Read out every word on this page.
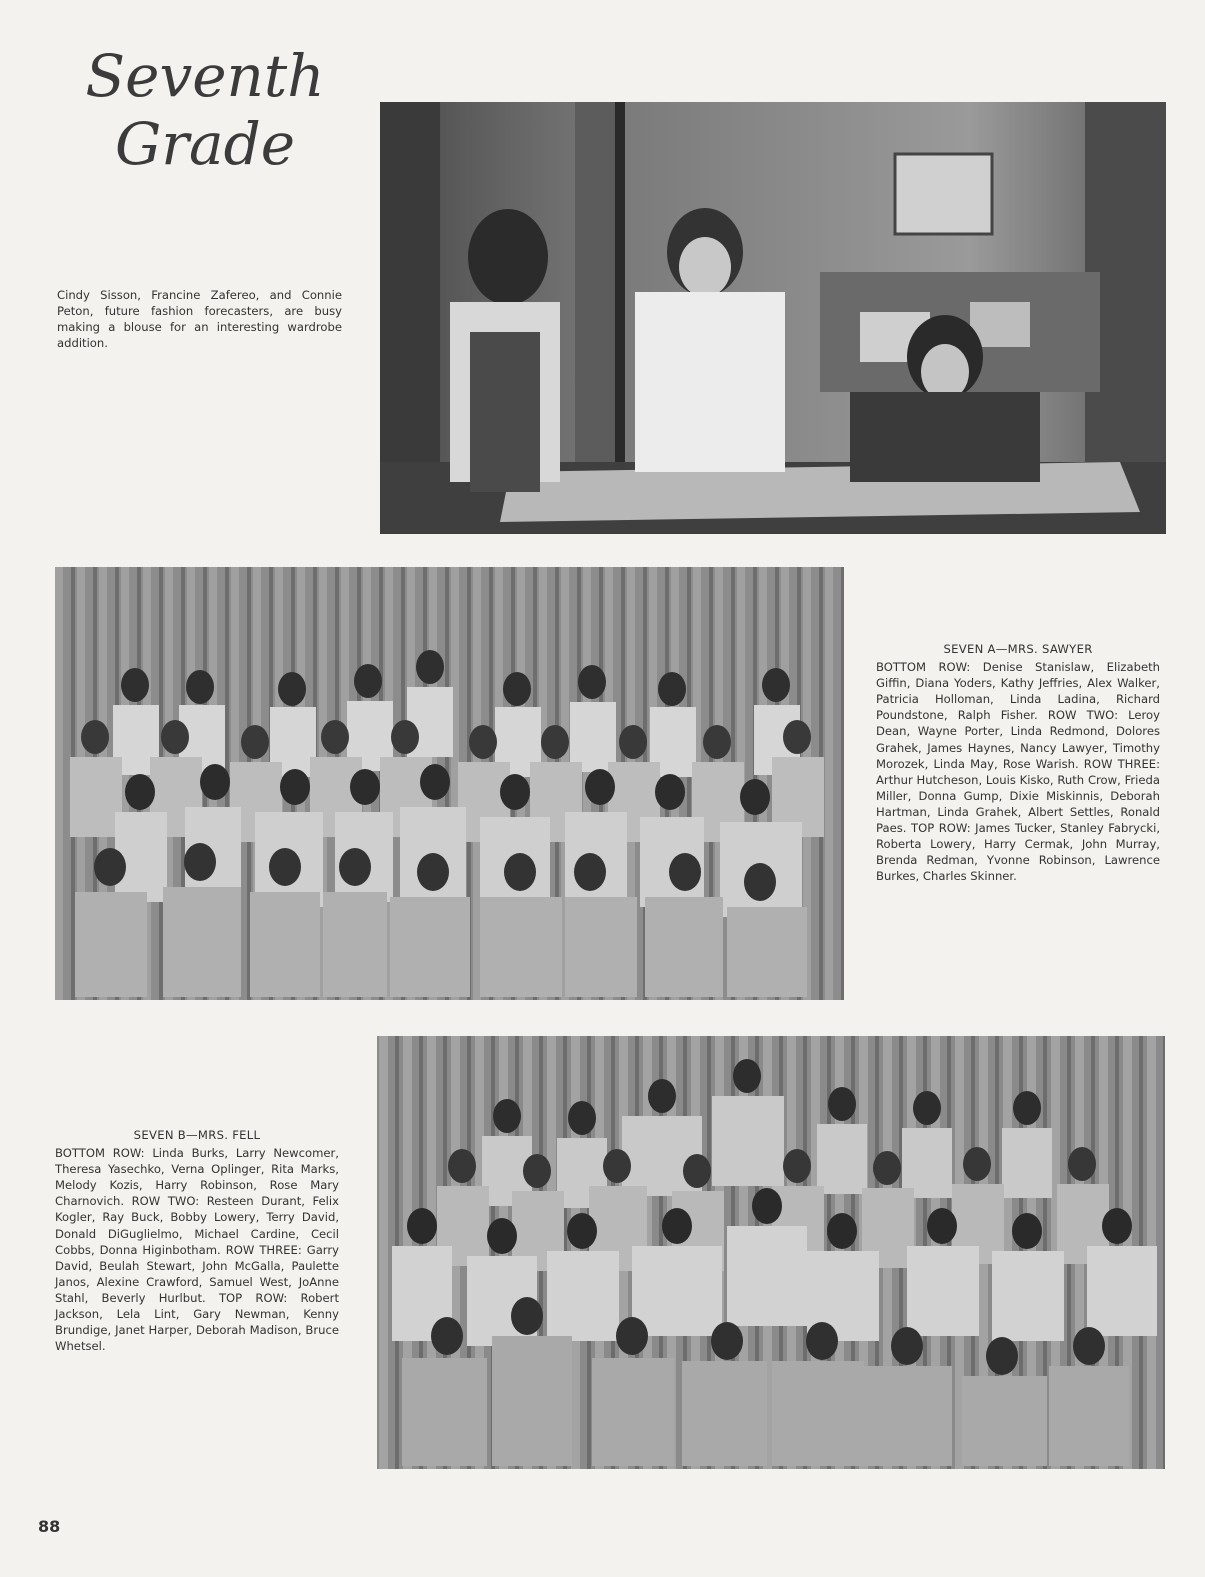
Seventh
Grade

Cindy Sisson, Francine Zafereo, and Connie Peton, future fashion forecasters, are busy making a blouse for an interesting wardrobe addition.

SEVEN A—MRS. SAWYER

BOTTOM ROW: Denise Stanislaw, Elizabeth Giffin, Diana Yoders, Kathy Jeffries, Alex Walker, Patricia Holloman, Linda Ladina, Richard Poundstone, Ralph Fisher. ROW TWO: Leroy Dean, Wayne Porter, Linda Redmond, Dolores Grahek, James Haynes, Nancy Lawyer, Timothy Morozek, Linda May, Rose Warish. ROW THREE: Arthur Hutcheson, Louis Kisko, Ruth Crow, Frieda Miller, Donna Gump, Dixie Miskinnis, Deborah Hartman, Linda Grahek, Albert Settles, Ronald Paes. TOP ROW: James Tucker, Stanley Fabrycki, Roberta Lowery, Harry Cermak, John Murray, Brenda Redman, Yvonne Robinson, Lawrence Burkes, Charles Skinner.

SEVEN B—MRS. FELL

BOTTOM ROW: Linda Burks, Larry Newcomer, Theresa Yasechko, Verna Oplinger, Rita Marks, Melody Kozis, Harry Robinson, Rose Mary Charnovich. ROW TWO: Resteen Durant, Felix Kogler, Ray Buck, Bobby Lowery, Terry David, Donald DiGuglielmo, Michael Cardine, Cecil Cobbs, Donna Higinbotham. ROW THREE: Garry David, Beulah Stewart, John McGalla, Paulette Janos, Alexine Crawford, Samuel West, JoAnne Stahl, Beverly Hurlbut. TOP ROW: Robert Jackson, Lela Lint, Gary Newman, Kenny Brundige, Janet Harper, Deborah Madison, Bruce Whetsel.

88
